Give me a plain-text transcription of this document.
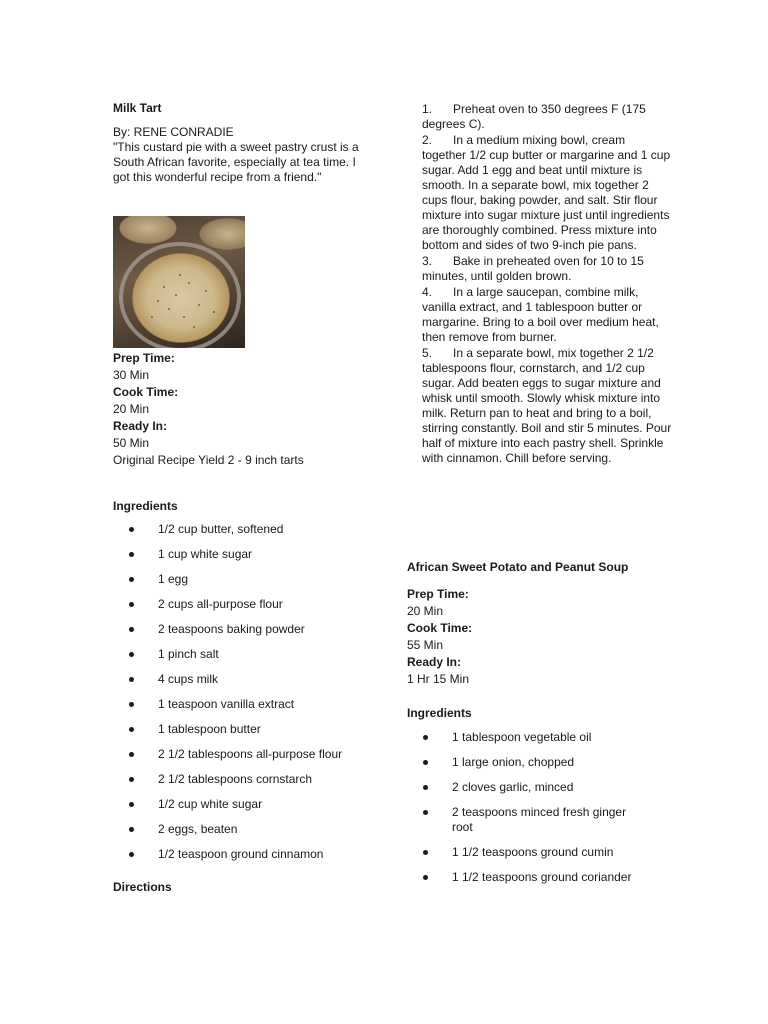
Milk Tart
By: RENE CONRADIE
"This custard pie with a sweet pastry crust is a South African favorite, especially at tea time. I got this wonderful recipe from a friend."
Prep Time:
30 Min
Cook Time:
20 Min
Ready In:
50 Min
Original Recipe Yield 2 - 9 inch tarts
Ingredients
1/2 cup butter, softened
1 cup white sugar
1 egg
2 cups all-purpose flour
2 teaspoons baking powder
1 pinch salt
4 cups milk
1 teaspoon vanilla extract
1 tablespoon butter
2 1/2 tablespoons all-purpose flour
2 1/2 tablespoons cornstarch
1/2 cup white sugar
2 eggs, beaten
1/2 teaspoon ground cinnamon
Directions
1. Preheat oven to 350 degrees F (175 degrees C).
2. In a medium mixing bowl, cream together 1/2 cup butter or margarine and 1 cup sugar. Add 1 egg and beat until mixture is smooth. In a separate bowl, mix together 2 cups flour, baking powder, and salt. Stir flour mixture into sugar mixture just until ingredients are thoroughly combined. Press mixture into bottom and sides of two 9-inch pie pans.
3. Bake in preheated oven for 10 to 15 minutes, until golden brown.
4. In a large saucepan, combine milk, vanilla extract, and 1 tablespoon butter or margarine. Bring to a boil over medium heat, then remove from burner.
5. In a separate bowl, mix together 2 1/2 tablespoons flour, cornstarch, and 1/2 cup sugar. Add beaten eggs to sugar mixture and whisk until smooth. Slowly whisk mixture into milk. Return pan to heat and bring to a boil, stirring constantly. Boil and stir 5 minutes. Pour half of mixture into each pastry shell. Sprinkle with cinnamon. Chill before serving.
African Sweet Potato and Peanut Soup
Prep Time:
20 Min
Cook Time:
55 Min
Ready In:
1 Hr 15 Min
Ingredients
1 tablespoon vegetable oil
1 large onion, chopped
2 cloves garlic, minced
2 teaspoons minced fresh ginger root
1 1/2 teaspoons ground cumin
1 1/2 teaspoons ground coriander
